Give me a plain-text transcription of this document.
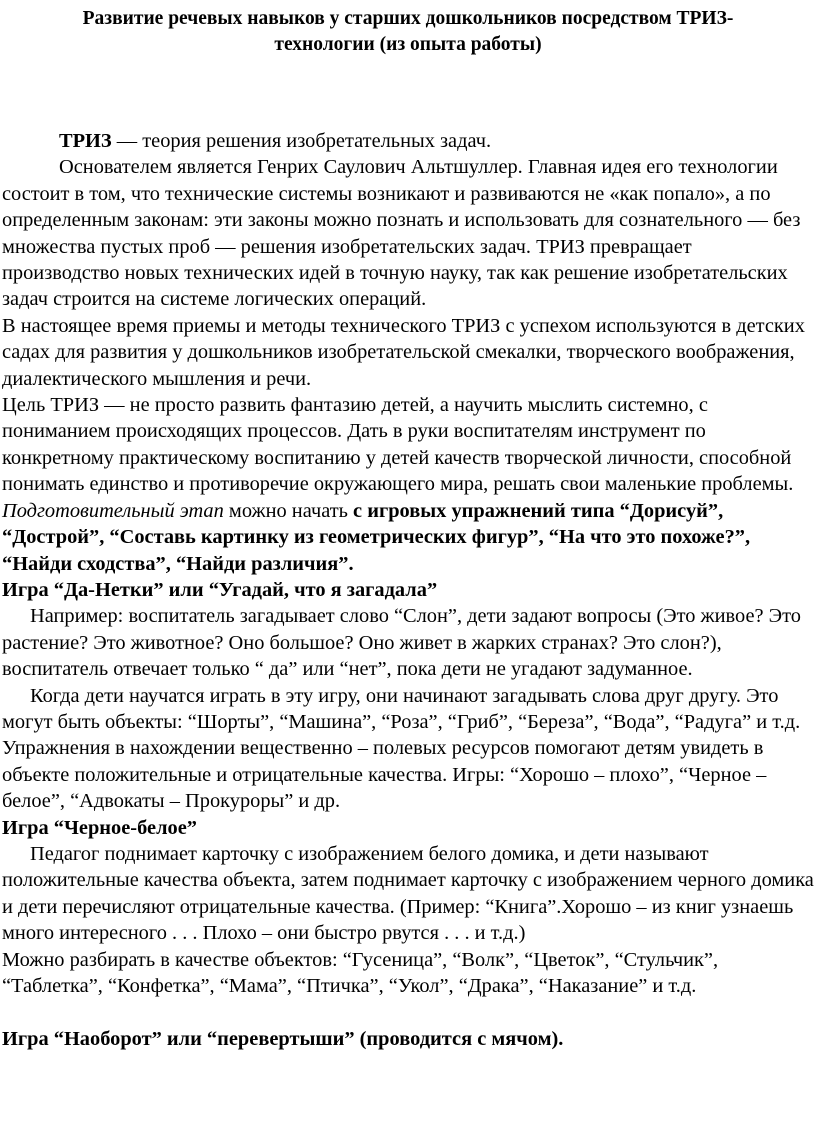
Развитие речевых навыков у старших дошкольников посредством ТРИЗ-
технологии (из опыта работы)

ТРИЗ — теория решения изобретательных задач.

Основателем является Генрих Саулович Альтшуллер. Главная идея его технологии состоит в том, что технические системы возникают и развиваются не «как попало», а по определенным законам: эти законы можно познать и использовать для сознательного — без множества пустых проб — решения изобретательских задач. ТРИЗ превращает производство новых технических идей в точную науку, так как решение изобретательских задач строится на системе логических операций.

В настоящее время приемы и методы технического ТРИЗ с успехом используются в детских садах для развития у дошкольников изобретательской смекалки, творческого воображения, диалектического мышления и речи.

Цель ТРИЗ — не просто развить фантазию детей, а научить мыслить системно, с пониманием происходящих процессов. Дать в руки воспитателям инструмент по конкретному практическому воспитанию у детей качеств творческой личности, способной понимать единство и противоречие окружающего мира, решать свои маленькие проблемы.

Подготовительный этап можно начать с игровых упражнений типа “Дорисуй”, “Дострой”, “Составь картинку из геометрических фигур”, “На что это похоже?”, “Найди сходства”, “Найди различия”.

Игра “Да-Нетки” или “Угадай, что я загадала”

Например: воспитатель загадывает слово “Слон”, дети задают вопросы (Это живое? Это растение? Это животное? Оно большое? Оно живет в жарких странах? Это слон?), воспитатель отвечает только “ да” или “нет”, пока дети не угадают задуманное.

Когда дети научатся играть в эту игру, они начинают загадывать слова друг другу. Это могут быть объекты: “Шорты”, “Машина”, “Роза”, “Гриб”, “Береза”, “Вода”, “Радуга” и т.д. Упражнения в нахождении вещественно – полевых ресурсов помогают детям увидеть в объекте положительные и отрицательные качества. Игры: “Хорошо – плохо”, “Черное – белое”, “Адвокаты – Прокуроры” и др.

Игра “Черное-белое”

Педагог поднимает карточку с изображением белого домика, и дети называют положительные качества объекта, затем поднимает карточку с изображением черного домика и дети перечисляют отрицательные качества. (Пример: “Книга”.Хорошо – из книг узнаешь много интересного . . . Плохо – они быстро рвутся . . . и т.д.)

Можно разбирать в качестве объектов: “Гусеница”, “Волк”, “Цветок”, “Стульчик”, “Таблетка”, “Конфетка”, “Мама”, “Птичка”, “Укол”, “Драка”, “Наказание” и т.д.

Игра “Наоборот” или “перевертыши” (проводится с мячом).
